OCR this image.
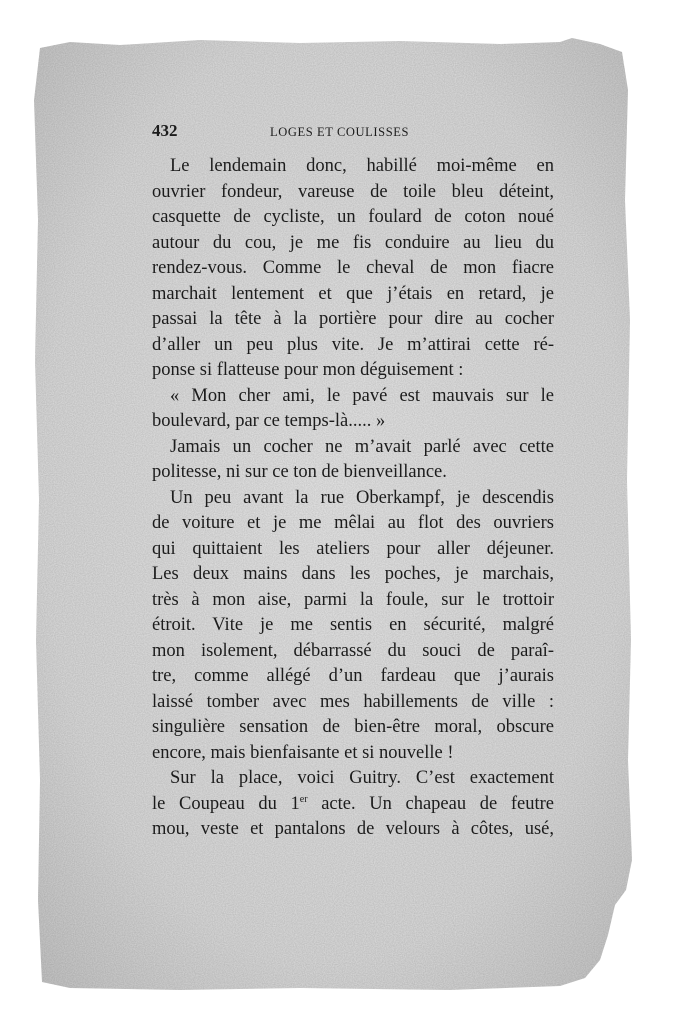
432	LOGES ET COULISSES
Le lendemain donc, habillé moi-même en
ouvrier fondeur, vareuse de toile bleu déteint,
casquette de cycliste, un foulard de coton noué
autour du cou, je me fis conduire au lieu du
rendez-vous. Comme le cheval de mon fiacre
marchait lentement et que j’étais en retard, je
passai la tête à la portière pour dire au cocher
d’aller un peu plus vite. Je m’attirai cette ré-
ponse si flatteuse pour mon déguisement :
« Mon cher ami, le pavé est mauvais sur le
boulevard, par ce temps-là..... »
Jamais un cocher ne m’avait parlé avec cette
politesse, ni sur ce ton de bienveillance.
Un peu avant la rue Oberkampf, je descendis
de voiture et je me mêlai au flot des ouvriers
qui quittaient les ateliers pour aller déjeuner.
Les deux mains dans les poches, je marchais,
très à mon aise, parmi la foule, sur le trottoir
étroit. Vite je me sentis en sécurité, malgré
mon isolement, débarrassé du souci de paraî-
tre, comme allégé d’un fardeau que j’aurais
laissé tomber avec mes habillements de ville :
singulière sensation de bien-être moral, obscure
encore, mais bienfaisante et si nouvelle !
Sur la place, voici Guitry. C’est exactement
le Coupeau du 1er acte. Un chapeau de feutre
mou, veste et pantalons de velours à côtes, usé,
